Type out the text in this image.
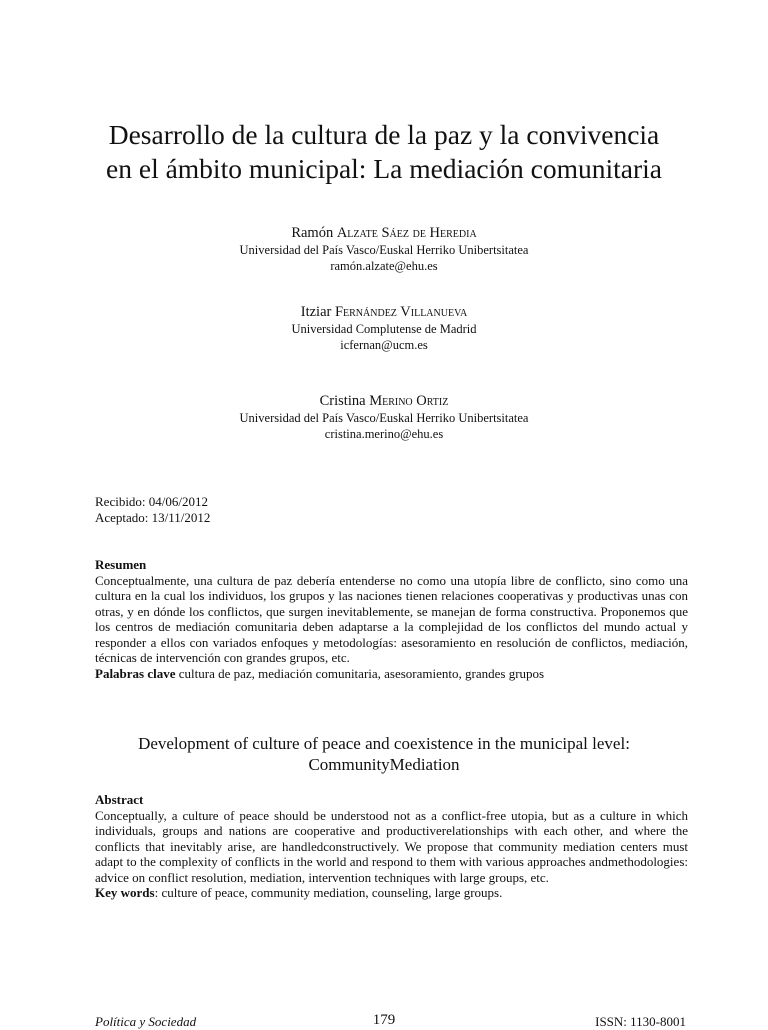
Desarrollo de la cultura de la paz y la convivencia
en el ámbito municipal: La mediación comunitaria
Ramón Alzate Sáez de Heredia
Universidad del País Vasco/Euskal Herriko Unibertsitatea
ramón.alzate@ehu.es
Itziar Fernández Villanueva
Universidad Complutense de Madrid
icfernan@ucm.es
Cristina Merino Ortiz
Universidad del País Vasco/Euskal Herriko Unibertsitatea
cristina.merino@ehu.es
Recibido: 04/06/2012
Aceptado: 13/11/2012
Resumen
Conceptualmente, una cultura de paz debería entenderse no como una utopía libre de conflicto, sino como una cultura en la cual los individuos, los grupos y las naciones tienen relaciones cooperativas y productivas unas con otras, y en dónde los conflictos, que surgen inevitablemente, se manejan de forma constructiva. Proponemos que los centros de mediación comunitaria deben adaptarse a la complejidad de los conflictos del mundo actual y responder a ellos con variados enfoques y metodologías: asesoramiento en resolución de conflictos, mediación, técnicas de intervención con grandes grupos, etc.
Palabras clave cultura de paz, mediación comunitaria, asesoramiento, grandes grupos
Development of culture of peace and coexistence in the municipal level:
CommunityMediation
Abstract
Conceptually, a culture of peace should be understood not as a conflict-free utopia, but as a culture in which individuals, groups and nations are cooperative and productiverelationships with each other, and where the conflicts that inevitably arise, are handledconstructively. We propose that community mediation centers must adapt to the complexity of conflicts in the world and respond to them with various approaches andmethodologies: advice on conflict resolution, mediation, intervention techniques with large groups, etc.
Key words: culture of peace, community mediation, counseling, large groups.
Política y Sociedad	179	ISSN: 1130-8001
